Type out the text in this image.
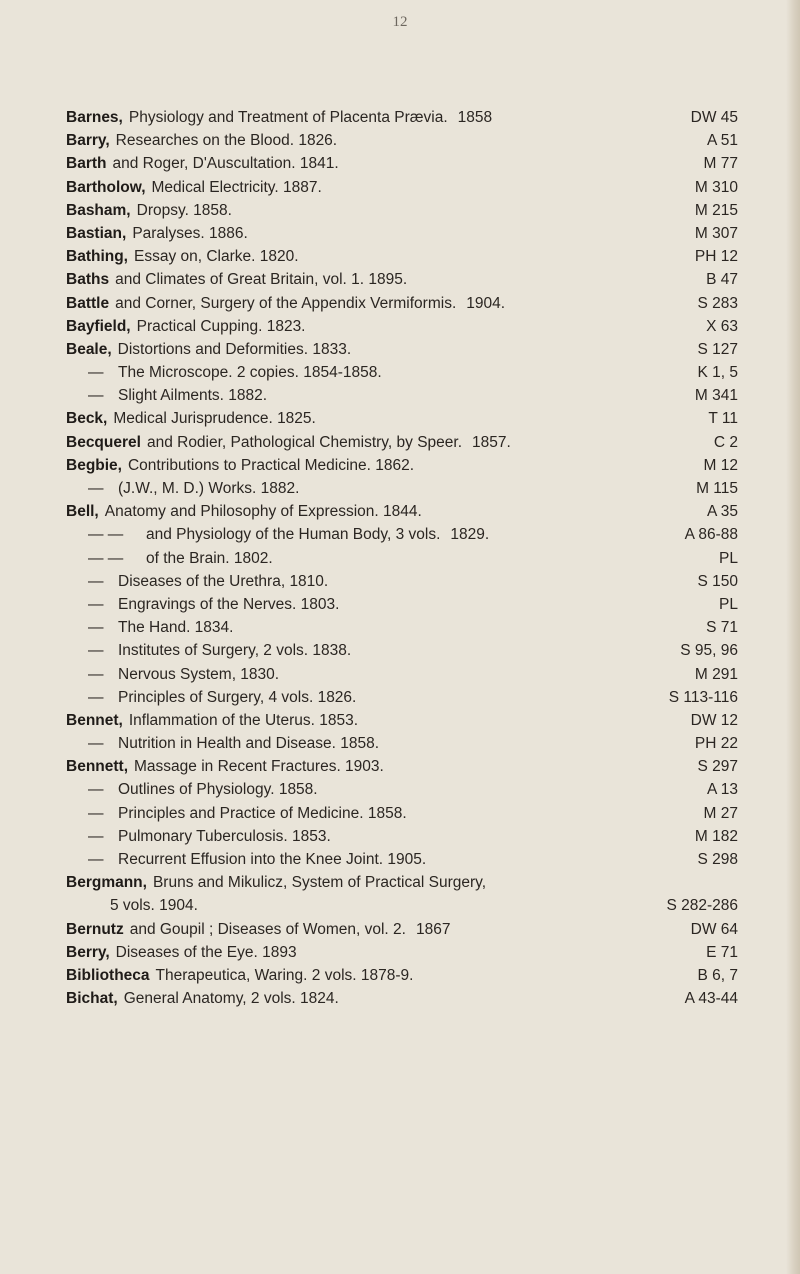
12
Barnes, Physiology and Treatment of Placenta Prævia. 1858	DW 45
Barry, Researches on the Blood. 1826.	A 51
Barth and Roger, D'Auscultation. 1841.	M 77
Bartholow, Medical Electricity. 1887.	M 310
Basham, Dropsy. 1858.	M 215
Bastian, Paralyses. 1886.	M 307
Bathing, Essay on, Clarke. 1820.	PH 12
Baths and Climates of Great Britain, vol. 1. 1895.	B 47
Battle and Corner, Surgery of the Appendix Vermiformis. 1904.	S 283
Bayfield, Practical Cupping. 1823.	X 63
Beale, Distortions and Deformities. 1833.	S 127
— The Microscope. 2 copies. 1854-1858.	K 1, 5
— Slight Ailments. 1882.	M 341
Beck, Medical Jurisprudence. 1825.	T 11
Becquerel and Rodier, Pathological Chemistry, by Speer. 1857.	C 2
Begbie, Contributions to Practical Medicine. 1862.	M 12
— (J.W., M. D.) Works. 1882.	M 115
Bell, Anatomy and Philosophy of Expression. 1844.	A 35
— — and Physiology of the Human Body, 3 vols. 1829.	A 86-88
— — of the Brain. 1802.	PL
— Diseases of the Urethra, 1810.	S 150
— Engravings of the Nerves. 1803.	PL
— The Hand. 1834.	S 71
— Institutes of Surgery, 2 vols. 1838.	S 95, 96
— Nervous System, 1830.	M 291
— Principles of Surgery, 4 vols. 1826.	S 113-116
Bennet, Inflammation of the Uterus. 1853.	DW 12
— Nutrition in Health and Disease. 1858.	PH 22
Bennett, Massage in Recent Fractures. 1903.	S 297
— Outlines of Physiology. 1858.	A 13
— Principles and Practice of Medicine. 1858.	M 27
— Pulmonary Tuberculosis. 1853.	M 182
— Recurrent Effusion into the Knee Joint. 1905.	S 298
Bergmann, Bruns and Mikulicz, System of Practical Surgery,
5 vols. 1904.	S 282-286
Bernutz and Goupil ; Diseases of Women, vol. 2. 1867	DW 64
Berry, Diseases of the Eye. 1893	E 71
Bibliotheca Therapeutica, Waring. 2 vols. 1878-9.	B 6, 7
Bichat, General Anatomy, 2 vols. 1824.	A 43-44
